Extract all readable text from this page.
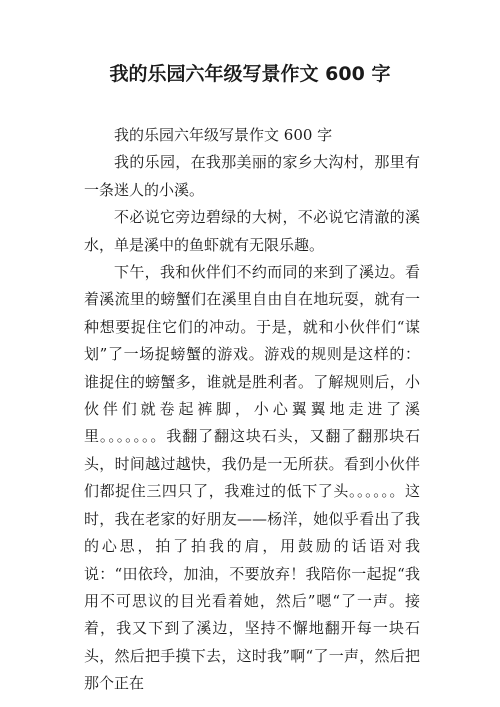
我的乐园六年级写景作文 600 字

我的乐园六年级写景作文 600 字

我的乐园，在我那美丽的家乡大沟村，那里有一条迷人的小溪。

不必说它旁边碧绿的大树，不必说它清澈的溪水，单是溪中的鱼虾就有无限乐趣。

下午，我和伙伴们不约而同的来到了溪边。看着溪流里的螃蟹们在溪里自由自在地玩耍，就有一种想要捉住它们的冲动。于是，就和小伙伴们“谋划”了一场捉螃蟹的游戏。游戏的规则是这样的：谁捉住的螃蟹多，谁就是胜利者。了解规则后，小伙伴们就卷起裤脚，小心翼翼地走进了溪里。。。。。。。我翻了翻这块石头，又翻了翻那块石头，时间越过越快，我仍是一无所获。看到小伙伴们都捉住三四只了，我难过的低下了头。。。。。。这时，我在老家的好朋友——杨洋，她似乎看出了我的心思，拍了拍我的肩，用鼓励的话语对我说：“田依玲，加油，不要放弃！我陪你一起捉“我用不可思议的目光看着她，然后”嗯“了一声。接着，我又下到了溪边，坚持不懈地翻开每一块石头，然后把手摸下去，这时我”啊“了一声，然后把那个正在
